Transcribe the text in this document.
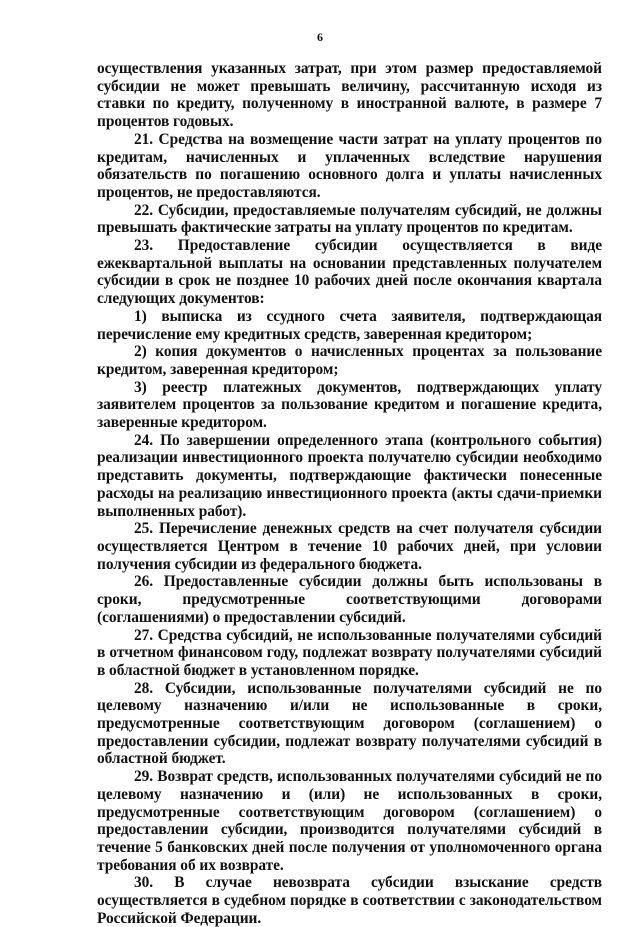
6

осуществления указанных затрат, при этом размер предоставляемой субсидии не может превышать величину, рассчитанную исходя из ставки по кредиту, полученному в иностранной валюте, в размере 7 процентов годовых.

21. Средства на возмещение части затрат на уплату процентов по кредитам, начисленных и уплаченных вследствие нарушения обязательств по погашению основного долга и уплаты начисленных процентов, не предоставляются.

22. Субсидии, предоставляемые получателям субсидий, не должны превышать фактические затраты на уплату процентов по кредитам.

23. Предоставление субсидии осуществляется в виде ежеквартальной выплаты на основании представленных получателем субсидии в срок не позднее 10 рабочих дней после окончания квартала следующих документов:

1) выписка из ссудного счета заявителя, подтверждающая перечисление ему кредитных средств, заверенная кредитором;

2) копия документов о начисленных процентах за пользование кредитом, заверенная кредитором;

3) реестр платежных документов, подтверждающих уплату заявителем процентов за пользование кредитом и погашение кредита, заверенные кредитором.

24. По завершении определенного этапа (контрольного события) реализации инвестиционного проекта получателю субсидии необходимо представить документы, подтверждающие фактически понесенные расходы на реализацию инвестиционного проекта (акты сдачи-приемки выполненных работ).

25. Перечисление денежных средств на счет получателя субсидии осуществляется Центром в течение 10 рабочих дней, при условии получения субсидии из федерального бюджета.

26. Предоставленные субсидии должны быть использованы в сроки, предусмотренные соответствующими договорами (соглашениями) о предоставлении субсидий.

27. Средства субсидий, не использованные получателями субсидий в отчетном финансовом году, подлежат возврату получателями субсидий в областной бюджет в установленном порядке.

28. Субсидии, использованные получателями субсидий не по целевому назначению и/или не использованные в сроки, предусмотренные соответствующим договором (соглашением) о предоставлении субсидии, подлежат возврату получателями субсидий в областной бюджет.

29. Возврат средств, использованных получателями субсидий не по целевому назначению и (или) не использованных в сроки, предусмотренные соответствующим договором (соглашением) о предоставлении субсидии, производится получателями субсидий в течение 5 банковских дней после получения от уполномоченного органа требования об их возврате.

30. В случае невозврата субсидии взыскание средств осуществляется в судебном порядке в соответствии с законодательством Российской Федерации.
